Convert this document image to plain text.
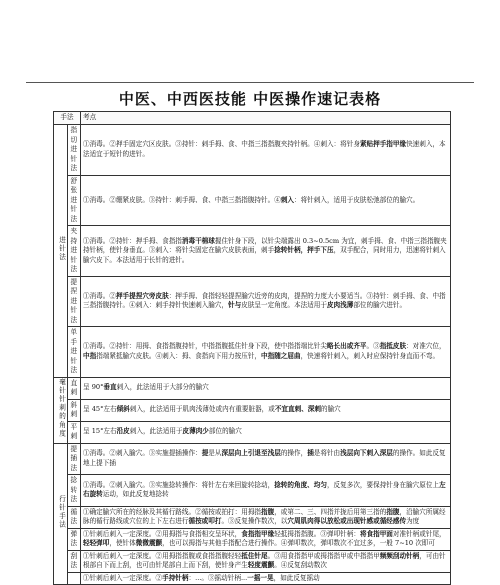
中医、中西医技能 中医操作速记表格
手法		考点
进针法	指切进针法	①消毒。②押手固定穴区皮肤。③持针：刺手拇、食、中指三指指腹夹持针柄。④刺入：将针身紧贴押手指甲缘快速刺入，本法适宜于短针的进针。
	舒张进针法	①消毒。②绷紧皮肤。③持针：刺手拇、食、中指三指指腹持针。④刺入：将针刺入，适用于皮肤松弛部位的腧穴。
	夹持进针法	①消毒。②持针：押手拇、食指指消毒干棉球握住针身下段，以针尖端露出 0.3~0.5cm 为宜，刺手拇、食、中指三指指腹夹持针柄，使针身垂直。③刺入：将针尖固定在腧穴皮肤表面，刺手捻转针柄，押手下压，双手配合，同时用力，迅速将针刺入腧穴皮下。本法适用于长针的进针。
	提捏进针法	①消毒。②押手提捏穴旁皮肤：押手拇、食指轻轻提捏腧穴近旁的皮肉，提捏的力度大小要适当。③持针：刺手拇、食、中指三指指腹持针。④刺入：刺手持针快速刺入腧穴，针与皮肤呈一定角度。本法适用于皮肉浅薄部位的腧穴进针。
	单手进针法	①消毒。②持针：用拇、食指指腹持针，中指指腹抵住针身下段，使中指指端比针尖略长出或齐平。③指抵皮肤：对准穴位，中指指端紧抵腧穴皮肤。④刺入：拇、食指向下用力按压针，中指随之屈曲，快速将针刺入，刺入时应保持针身直而不弯。
毫针针刺的角度	直刺	呈 90°垂直刺入，此法适用于大部分的腧穴
	斜刺	呈 45°左右倾斜刺入，此法适用于肌肉浅薄处或内有重要脏器，或不宜直刺、深刺的腧穴
	平刺	呈 15°左右沿皮刺入，此法适用于皮薄肉少部位的腧穴
行针手法	提插法	①消毒。②刺入腧穴。③实施提插操作：提是从深层向上引退至浅层的操作，插是将针由浅层向下刺入深层的操作。如此反复地上提下插
	捻转法	①消毒。②刺入腧穴。③实施捻转操作：将针左右来回旋转捻动，捻转的角度、均匀，反复多次，要保持针身在腧穴原位上左右旋转运动，如此反复地捻转
	循法	①确定腧穴所在的经脉及其循行路线。②循按或拍打：用拇指指腹，或第二、三、四指并拢后用第三指的指腹，沿腧穴所属经脉的循行路线或穴位的上下左右进行循按或叩打。③反复操作数次，以穴周肌肉得以放松或出现针感或循经感传为度
	弹法	①针刺后刺入一定深度。②用拇指与食指相交呈环状，食指指甲缘轻抵拇指指腹。③弹叩针柄：将食指甲面对准针柄或针尾，轻轻弹叩，使针体微微震颤，也可以拇指与其他手指配合进行操作。④弹叩数次，弹叩数次不宜过多，一般 7~10 次即可
	刮法	①针刺后刺入一定深度。②用拇指指腹或食指指腹轻轻抵住针尾。③用食指指甲或拇指指甲或中指指甲频频刮动针柄，可由针根部自下而上刮，也可由针尾部自上而下刮，使针身产生轻度震颤。④反复刮动数次
		①针刺后刺入一定深度。②手持针柄：...。③摇动针柄...一摇一晃，如此反复摇动
